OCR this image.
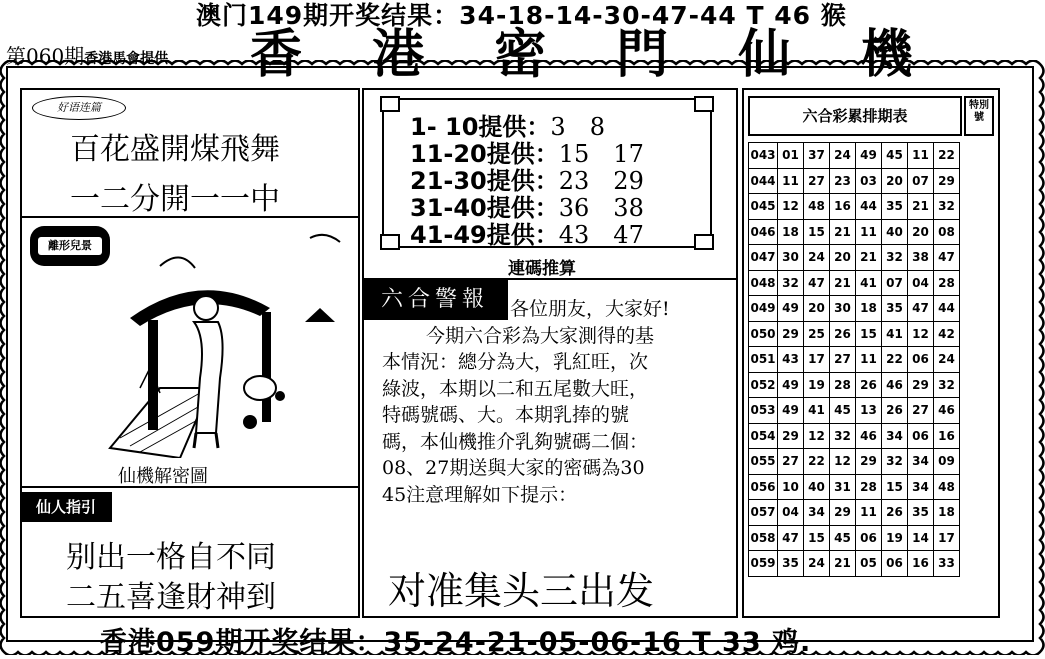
澳门149期开奖结果：34-18-14-30-47-44 T 46 猴
第060期香港馬會提供 香 港 密 門 仙 機
好语连篇
百花盛開煤飛舞
一二分開一一中
離形兒景
仙機解密圖
仙人指引
别出一格自不同
二五喜逢財神到
1- 10提供：3　8
11-20提供：15　17
21-30提供：23　29
31-40提供：36　38
41-49提供：43　47
連碼推算
六合警報	各位朋友，大家好!
今期六合彩為大家測得的基
本情況：總分為大，乳紅旺，次
綠波，本期以二和五尾數大旺，
特碼號碼、大。本期乳捧的號
碼，本仙機推介乳夠號碼二個：
08、27期送與大家的密碼為30
45注意理解如下提示：
对准集头三出发
六合彩累排期表
特別號
043	01	37	24	49	45	11	22
044	11	27	23	03	20	07	29
045	12	48	16	44	35	21	32
046	18	15	21	11	40	20	08
047	30	24	20	21	32	38	47
048	32	47	21	41	07	04	28
049	49	20	30	18	35	47	44
050	29	25	26	15	41	12	42
051	43	17	27	11	22	06	24
052	49	19	28	26	46	29	32
053	49	41	45	13	26	27	46
054	29	12	32	46	34	06	16
055	27	22	12	29	32	34	09
056	10	40	31	28	15	34	48
057	04	34	29	11	26	35	18
058	47	15	45	06	19	14	17
059	35	24	21	05	06	16	33
香港059期开奖结果：35-24-21-05-06-16 T 33 鸡.
